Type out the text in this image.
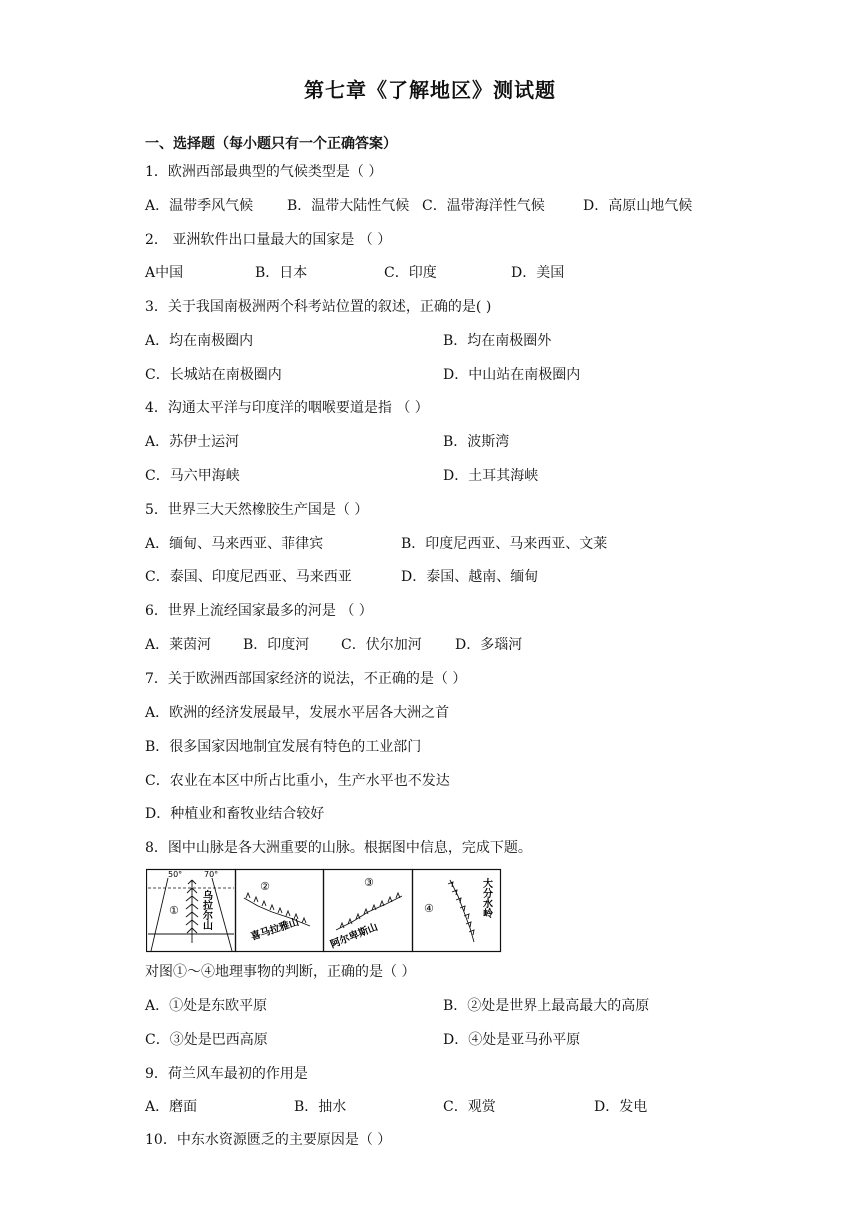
第七章《了解地区》测试题
一、选择题（每小题只有一个正确答案）
1．欧洲西部最典型的气候类型是（ ）
A．温带季风气候 B．温带大陆性气候 C．温带海洋性气候	D．高原山地气候
2． 亚洲软件出口量最大的国家是 （ ）
A中国	B．日本	C．印度	D．美国
3．关于我国南极洲两个科考站位置的叙述，正确的是( )
A．均在南极圈内	B．均在南极圈外
C．长城站在南极圈内	D．中山站在南极圈内
4．沟通太平洋与印度洋的咽喉要道是指 （ ）
A．苏伊士运河	B．波斯湾
C．马六甲海峡	D．土耳其海峡
5．世界三大天然橡胶生产国是（ ）
A．缅甸、马来西亚、菲律宾	B．印度尼西亚、马来西亚、文莱
C．泰国、印度尼西亚、马来西亚	D．泰国、越南、缅甸
6．世界上流经国家最多的河是 （ ）
A．莱茵河 B．印度河 C．伏尔加河 D．多瑙河
7．关于欧洲西部国家经济的说法，不正确的是（ ）
A．欧洲的经济发展最早，发展水平居各大洲之首
B．很多国家因地制宜发展有特色的工业部门
C．农业在本区中所占比重小，生产水平也不发达
D．种植业和畜牧业结合较好
8．图中山脉是各大洲重要的山脉。根据图中信息，完成下题。
50°	70°
① 乌拉尔山
②
喜马拉雅山
③
阿尔卑斯山
④	大分水岭
对图①～④地理事物的判断，正确的是（ ）
A．①处是东欧平原	B．②处是世界上最高最大的高原
C．③处是巴西高原	D．④处是亚马孙平原
9．荷兰风车最初的作用是
A．磨面	B．抽水	C．观赏	D．发电
10．中东水资源匮乏的主要原因是（ ）
